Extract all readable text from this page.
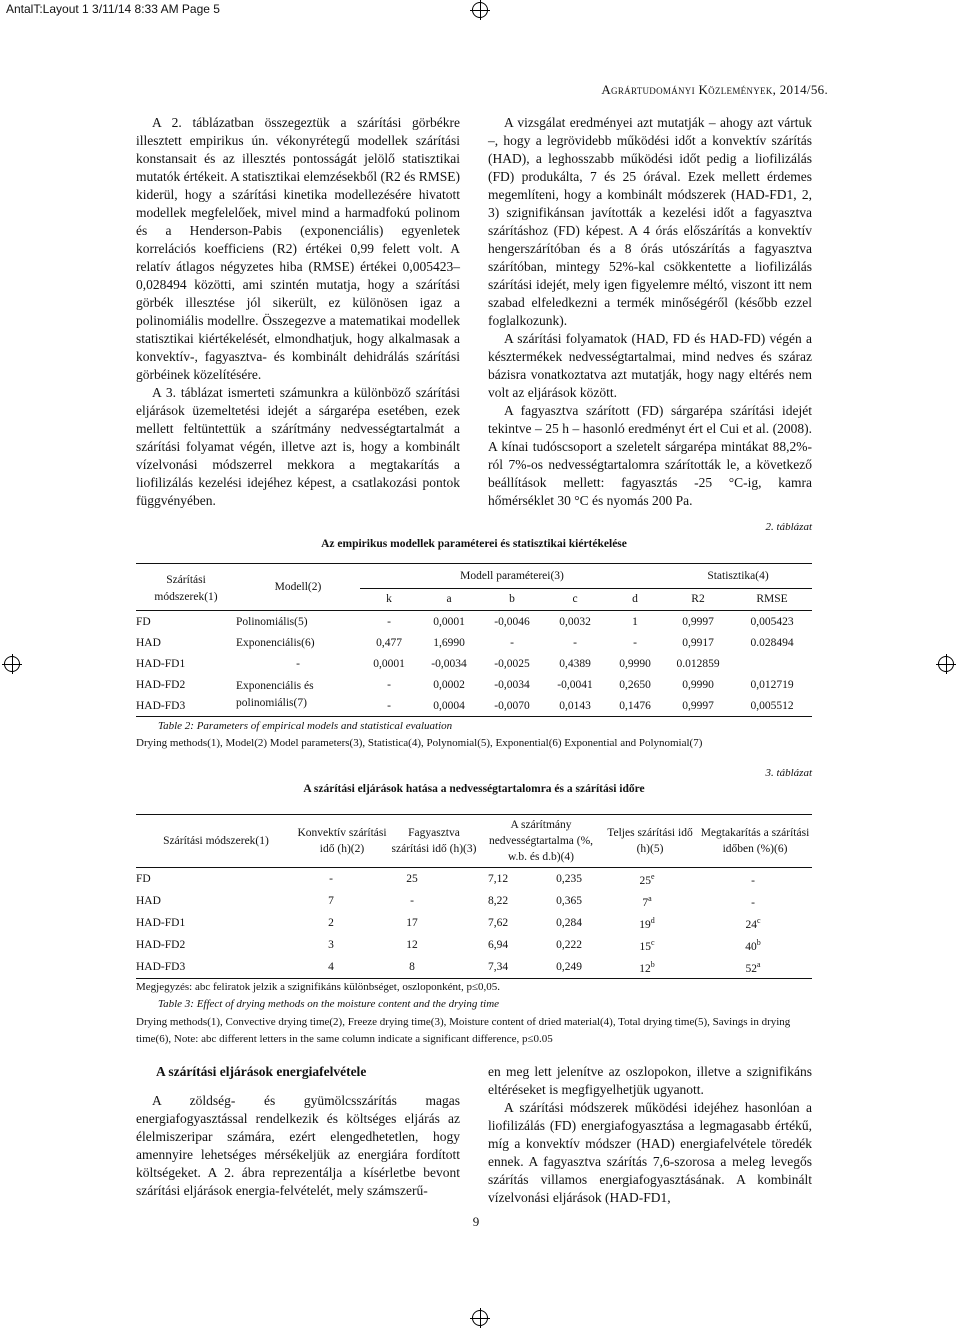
AntalT:Layout 1 3/11/14 8:33 AM Page 5
Agrártudományi Közlemények, 2014/56.

A 2. táblázatban összegeztük a szárítási görbékre illesztett empirikus ún. vékonyrétegű modellek szárítási konstansait és az illesztés pontosságát jelölő statisztikai mutatók értékeit. A statisztikai elemzésekből (R2 és RMSE) kiderül, hogy a szárítási kinetika modellezésére hivatott modellek megfelelőek, mivel mind a harmadfokú polinom és a Henderson-Pabis (exponenciális) egyenletek korrelációs koefficiens (R2) értékei 0,99 felett volt. A relatív átlagos négyzetes hiba (RMSE) értékei 0,005423–0,028494 közötti, ami szintén mutatja, hogy a szárítási görbék illesztése jól sikerült, ez különösen igaz a polinomiális modellre. Összegezve a matematikai modellek statisztikai kiértékelését, elmondhatjuk, hogy alkalmasak a konvektív-, fagyasztva- és kombinált dehidrálás szárítási görbéinek közelítésére.

A 3. táblázat ismerteti számunkra a különböző szárítási eljárások üzemeltetési idejét a sárgarépa esetében, ezek mellett feltüntettük a szárítmány nedvességtartalmát a szárítási folyamat végén, illetve azt is, hogy a kombinált vízelvonási módszerrel mekkora a megtakarítás a liofilizálás kezelési idejéhez képest, a csatlakozási pontok függvényében.

A vizsgálat eredményei azt mutatják – ahogy azt vártuk –, hogy a legrövidebb működési időt a konvektív szárítás (HAD), a leghosszabb működési időt pedig a liofilizálás (FD) produkálta, 7 és 25 órával. Ezek mellett érdemes megemlíteni, hogy a kombinált módszerek (HAD-FD1, 2, 3) szignifikánsan javították a kezelési időt a fagyasztva szárításhoz (FD) képest. A 4 órás előszárítás a konvektív hengerszárítóban és a 8 órás utószárítás a fagyasztva szárítóban, mintegy 52%-kal csökkentette a liofilizálás szárítási idejét, mely igen figyelemre méltó, viszont itt nem szabad elfeledkezni a termék minőségéről (később ezzel foglalkozunk).

A szárítási folyamatok (HAD, FD és HAD-FD) végén a késztermékek nedvességtartalmai, mind nedves és száraz bázisra vonatkoztatva azt mutatják, hogy nagy eltérés nem volt az eljárások között.

A fagyasztva szárított (FD) sárgarépa szárítási idejét tekintve – 25 h – hasonló eredményt ért el Cui et al. (2008). A kínai tudóscsoport a szeletelt sárgarépa mintákat 88,2%-ról 7%-os nedvességtartalomra szárították le, a következő beállítások mellett: fagyasztás -25 °C-ig, kamra hőmérséklet 30 °C és nyomás 200 Pa.

2. táblázat
Az empirikus modellek paraméterei és statisztikai kiértékelése
Szárítási módszerek(1)	Modell(2)	Modell paraméterei(3)					Statisztika(4)	
		k	a	b	c	d	R2	RMSE
FD	Polinomiális(5)	-	0,0001	-0,0046	0,0032	1	0,9997	0,005423
HAD	Exponenciális(6)	0,477	1,6990	-	-	-	0,9917	0.028494
HAD-FD1	-	0,0001	-0,0034	-0,0025	0,4389	0,9990	0.012859	
HAD-FD2	Exponenciális és polinomiális(7)	-	0,0002	-0,0034	-0,0041	0,2650	0,9990	0,012719
HAD-FD3		-	0,0004	-0,0070	0,0143	0,1476	0,9997	0,005512
Table 2: Parameters of empirical models and statistical evaluation
Drying methods(1), Model(2) Model parameters(3), Statistica(4), Polynomial(5), Exponential(6) Exponential and Polynomial(7)
3. táblázat
A szárítási eljárások hatása a nedvességtartalomra és a szárítási időre
Szárítási módszerek(1)	Konvektív szárítási idő (h)(2)	Fagyasztva szárítási idő (h)(3)	A szárítmány nedvességtartalma (%, w.b. és d.b)(4)	Teljes szárítási idő (h)(5)	Megtakarítás a szárítási időben (%)(6)
FD	-	25	7,12	0,235	25e	-
HAD	7	-	8,22	0,365	7$^a$	-
HAD-FD1	2	17	7,62	0,284	19$^d$	24$^c$
HAD-FD2	3	12	6,94	0,222	15$^c$	40$^b$
HAD-FD3	4	8	7,34	0,249	12$^b$	52$^a$
Megjegyzés: abc feliratok jelzik a szignifikáns különbséget, oszloponként, p≤0,05.
Table 3: Effect of drying methods on the moisture content and the drying time
Drying methods(1), Convective drying time(2), Freeze drying time(3), Moisture content of dried material(4), Total drying time(5), Savings in drying time(6), Note: abc different letters in the same column indicate a significant difference, p≤0.05
A szárítási eljárások energiafelvétele

A zöldség- és gyümölcsszárítás magas energiafogyasztással rendelkezik és költséges eljárás az élelmiszeripar számára, ezért elengedhetetlen, hogy amennyire lehetséges mérsékeljük az energiára fordított költségeket. A 2. ábra reprezentálja a kísérletbe bevont szárítási eljárások energia-felvételét, mely számszerű-

en meg lett jelenítve az oszlopokon, illetve a szignifikáns eltéréseket is megfigyelhetjük ugyanott.

A szárítási módszerek működési idejéhez hasonlóan a liofilizálás (FD) energiafogyasztása a legmagasabb értékű, míg a konvektív módszer (HAD) energiafelvétele töredék ennek. A fagyasztva szárítás 7,6-szorosa a meleg levegős szárítás villamos energiafogyasztásának. A kombinált vízelvonási eljárások (HAD-FD1,

9
